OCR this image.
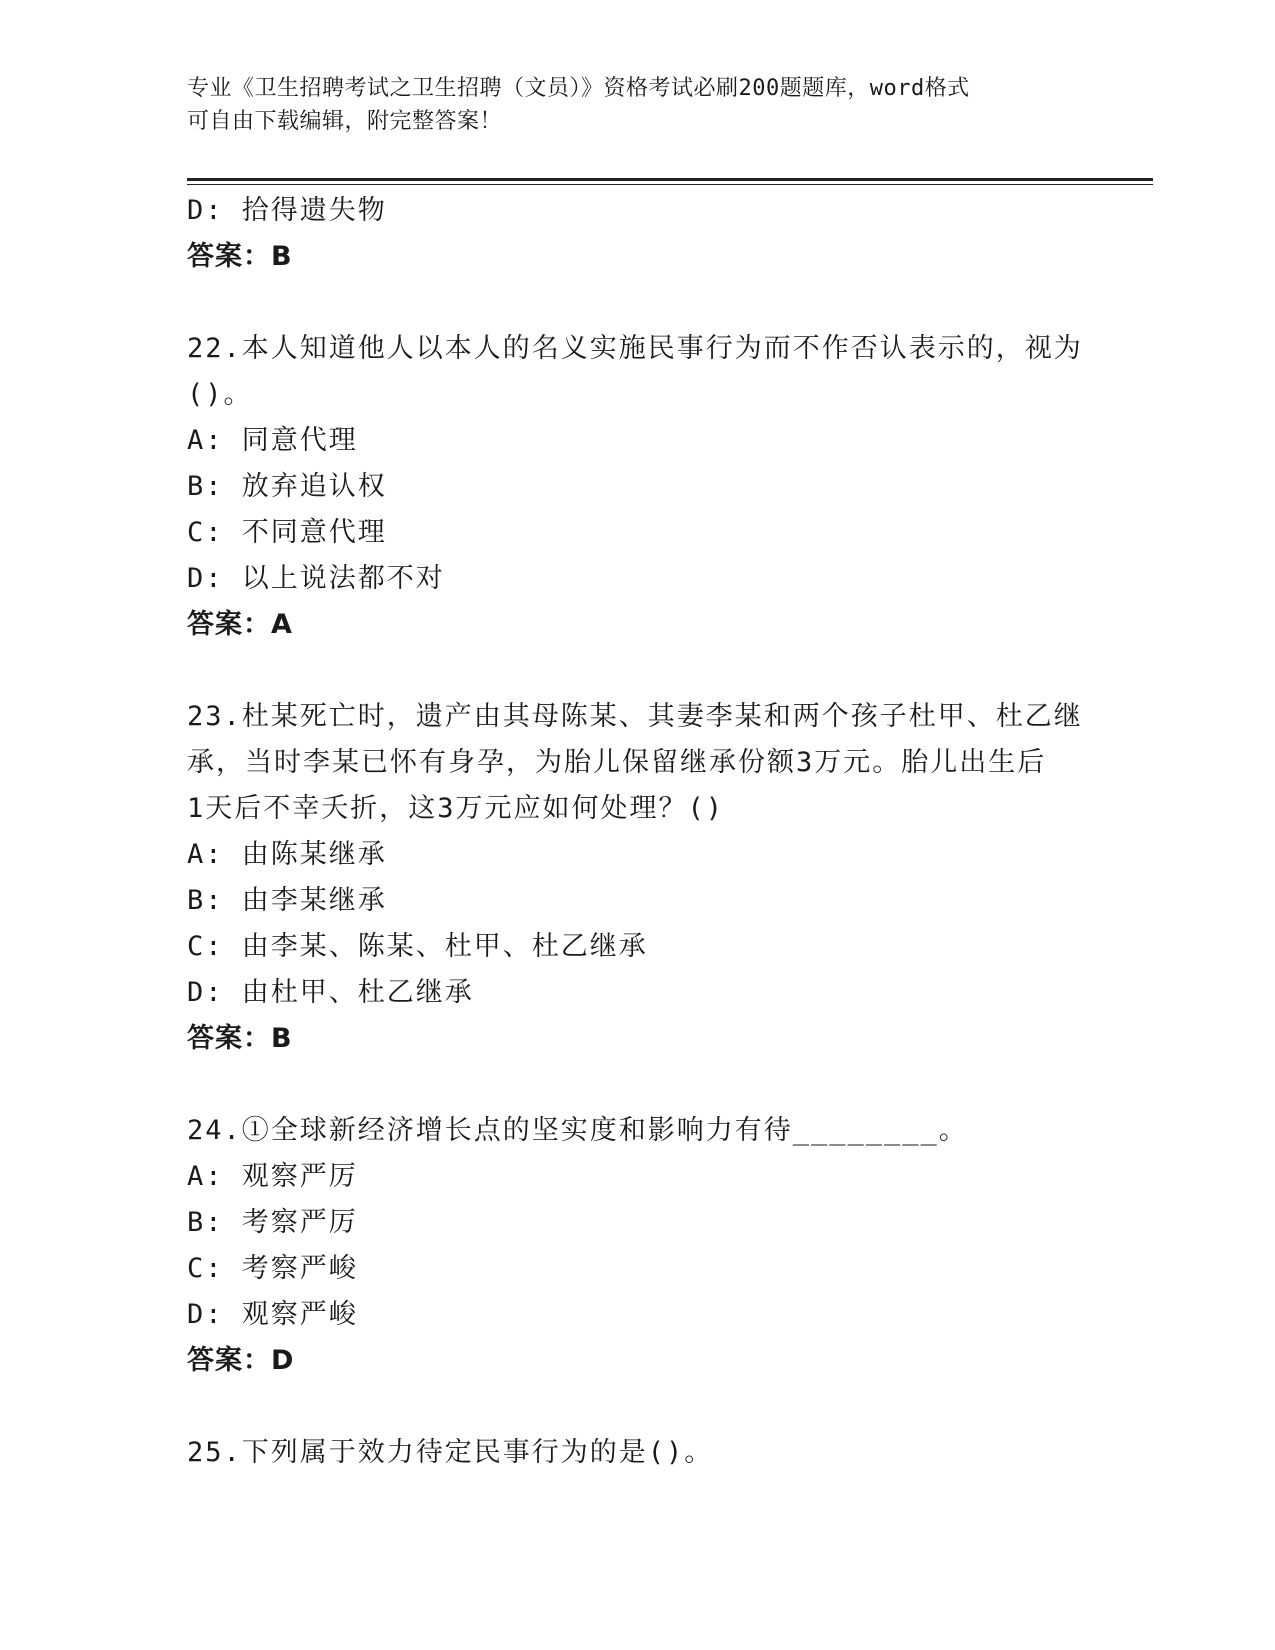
专业《卫生招聘考试之卫生招聘（文员）》资格考试必刷200题题库，word格式
可自由下载编辑，附完整答案！
D: 拾得遗失物
答案：B
22.本人知道他人以本人的名义实施民事行为而不作否认表示的，视为
()。
A: 同意代理
B: 放弃追认权
C: 不同意代理
D: 以上说法都不对
答案：A
23.杜某死亡时，遗产由其母陈某、其妻李某和两个孩子杜甲、杜乙继
承，当时李某已怀有身孕，为胎儿保留继承份额3万元。胎儿出生后
1天后不幸夭折，这3万元应如何处理？()
A: 由陈某继承
B: 由李某继承
C: 由李某、陈某、杜甲、杜乙继承
D: 由杜甲、杜乙继承
答案：B
24.①全球新经济增长点的坚实度和影响力有待________。
A: 观察严厉
B: 考察严厉
C: 考察严峻
D: 观察严峻
答案：D
25.下列属于效力待定民事行为的是()。
